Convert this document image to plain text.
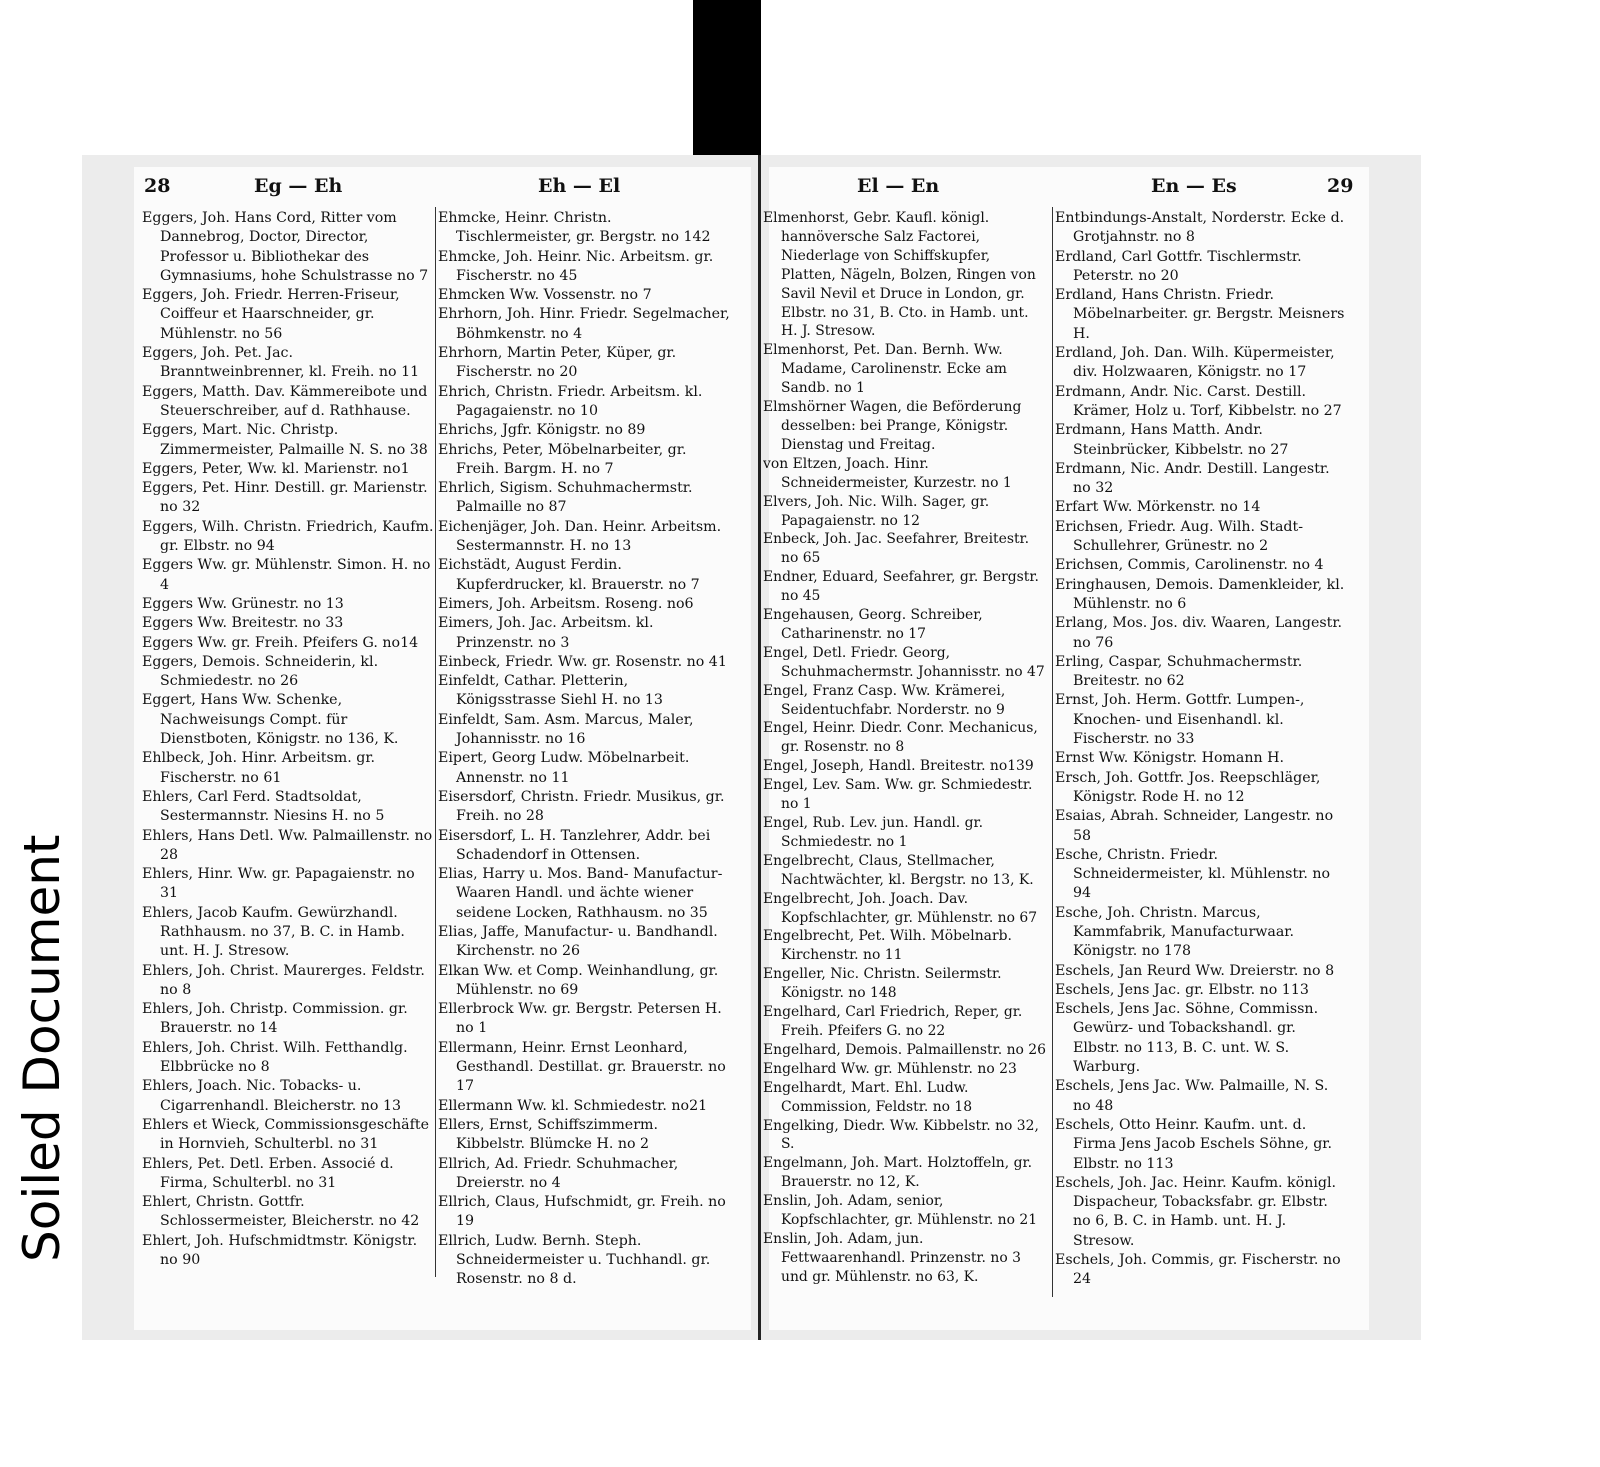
Soiled Document
28	Eg — Eh	Eh — El
Eggers, Joh. Hans Cord, Ritter vom Dannebrog, Doctor, Director, Professor u. Bibliothekar des Gymnasiums, hohe Schulstrasse no 7
Eggers, Joh. Friedr. Herren-Friseur, Coiffeur et Haarschneider, gr. Mühlenstr. no 56
Eggers, Joh. Pet. Jac. Branntweinbrenner, kl. Freih. no 11
Eggers, Matth. Dav. Kämmereibote und Steuerschreiber, auf d. Rathhause.
Eggers, Mart. Nic. Christp. Zimmermeister, Palmaille N. S. no 38
Eggers, Peter, Ww. kl. Marienstr. no1
Eggers, Pet. Hinr. Destill. gr. Marienstr. no 32
Eggers, Wilh. Christn. Friedrich, Kaufm. gr. Elbstr. no 94
Eggers Ww. gr. Mühlenstr. Simon. H. no 4
Eggers Ww. Grünestr. no 13
Eggers Ww. Breitestr. no 33
Eggers Ww. gr. Freih. Pfeifers G. no14
Eggers, Demois. Schneiderin, kl. Schmiedestr. no 26
Eggert, Hans Ww. Schenke, Nachweisungs Compt. für Dienstboten, Königstr. no 136, K.
Ehlbeck, Joh. Hinr. Arbeitsm. gr. Fischerstr. no 61
Ehlers, Carl Ferd. Stadtsoldat, Sestermannstr. Niesins H. no 5
Ehlers, Hans Detl. Ww. Palmaillenstr. no 28
Ehlers, Hinr. Ww. gr. Papagaienstr. no 31
Ehlers, Jacob Kaufm. Gewürzhandl. Rathhausm. no 37, B. C. in Hamb. unt. H. J. Stresow.
Ehlers, Joh. Christ. Maurerges. Feldstr. no 8
Ehlers, Joh. Christp. Commission. gr. Brauerstr. no 14
Ehlers, Joh. Christ. Wilh. Fetthandlg. Elbbrücke no 8
Ehlers, Joach. Nic. Tobacks- u. Cigarrenhandl. Bleicherstr. no 13
Ehlers et Wieck, Commissionsgeschäfte in Hornvieh, Schulterbl. no 31
Ehlers, Pet. Detl. Erben. Associé d. Firma, Schulterbl. no 31
Ehlert, Christn. Gottfr. Schlossermeister, Bleicherstr. no 42
Ehlert, Joh. Hufschmidtmstr. Königstr. no 90
Ehmcke, Heinr. Christn. Tischlermeister, gr. Bergstr. no 142
Ehmcke, Joh. Heinr. Nic. Arbeitsm. gr. Fischerstr. no 45
Ehmcken Ww. Vossenstr. no 7
Ehrhorn, Joh. Hinr. Friedr. Segelmacher, Böhmkenstr. no 4
Ehrhorn, Martin Peter, Küper, gr. Fischerstr. no 20
Ehrich, Christn. Friedr. Arbeitsm. kl. Pagagaienstr. no 10
Ehrichs, Jgfr. Königstr. no 89
Ehrichs, Peter, Möbelnarbeiter, gr. Freih. Bargm. H. no 7
Ehrlich, Sigism. Schuhmachermstr. Palmaille no 87
Eichenjäger, Joh. Dan. Heinr. Arbeitsm. Sestermannstr. H. no 13
Eichstädt, August Ferdin. Kupferdrucker, kl. Brauerstr. no 7
Eimers, Joh. Arbeitsm. Roseng. no6
Eimers, Joh. Jac. Arbeitsm. kl. Prinzenstr. no 3
Einbeck, Friedr. Ww. gr. Rosenstr. no 41
Einfeldt, Cathar. Pletterin, Königsstrasse Siehl H. no 13
Einfeldt, Sam. Asm. Marcus, Maler, Johannisstr. no 16
Eipert, Georg Ludw. Möbelnarbeit. Annenstr. no 11
Eisersdorf, Christn. Friedr. Musikus, gr. Freih. no 28
Eisersdorf, L. H. Tanzlehrer, Addr. bei Schadendorf in Ottensen.
Elias, Harry u. Mos. Band- Manufactur-Waaren Handl. und ächte wiener seidene Locken, Rathhausm. no 35
Elias, Jaffe, Manufactur- u. Bandhandl. Kirchenstr. no 26
Elkan Ww. et Comp. Weinhandlung, gr. Mühlenstr. no 69
Ellerbrock Ww. gr. Bergstr. Petersen H. no 1
Ellermann, Heinr. Ernst Leonhard, Gesthandl. Destillat. gr. Brauerstr. no 17
Ellermann Ww. kl. Schmiedestr. no21
Ellers, Ernst, Schiffszimmerm. Kibbelstr. Blümcke H. no 2
Ellrich, Ad. Friedr. Schuhmacher, Dreierstr. no 4
Ellrich, Claus, Hufschmidt, gr. Freih. no 19
Ellrich, Ludw. Bernh. Steph. Schneidermeister u. Tuchhandl. gr. Rosenstr. no 8 d.
El — En	En — Es	29
Elmenhorst, Gebr. Kaufl. königl. hannöversche Salz Factorei, Niederlage von Schiffskupfer, Platten, Nägeln, Bolzen, Ringen von Savil Nevil et Druce in London, gr. Elbstr. no 31, B. Cto. in Hamb. unt. H. J. Stresow.
Elmenhorst, Pet. Dan. Bernh. Ww. Madame, Carolinenstr. Ecke am Sandb. no 1
Elmshörner Wagen, die Beförderung desselben: bei Prange, Königstr. Dienstag und Freitag.
von Eltzen, Joach. Hinr. Schneidermeister, Kurzestr. no 1
Elvers, Joh. Nic. Wilh. Sager, gr. Papagaienstr. no 12
Enbeck, Joh. Jac. Seefahrer, Breitestr. no 65
Endner, Eduard, Seefahrer, gr. Bergstr. no 45
Engehausen, Georg. Schreiber, Catharinenstr. no 17
Engel, Detl. Friedr. Georg, Schuhmachermstr. Johannisstr. no 47
Engel, Franz Casp. Ww. Krämerei, Seidentuchfabr. Norderstr. no 9
Engel, Heinr. Diedr. Conr. Mechanicus, gr. Rosenstr. no 8
Engel, Joseph, Handl. Breitestr. no139
Engel, Lev. Sam. Ww. gr. Schmiedestr. no 1
Engel, Rub. Lev. jun. Handl. gr. Schmiedestr. no 1
Engelbrecht, Claus, Stellmacher, Nachtwächter, kl. Bergstr. no 13, K.
Engelbrecht, Joh. Joach. Dav. Kopfschlachter, gr. Mühlenstr. no 67
Engelbrecht, Pet. Wilh. Möbelnarb. Kirchenstr. no 11
Engeller, Nic. Christn. Seilermstr. Königstr. no 148
Engelhard, Carl Friedrich, Reper, gr. Freih. Pfeifers G. no 22
Engelhard, Demois. Palmaillenstr. no 26
Engelhard Ww. gr. Mühlenstr. no 23
Engelhardt, Mart. Ehl. Ludw. Commission, Feldstr. no 18
Engelking, Diedr. Ww. Kibbelstr. no 32, S.
Engelmann, Joh. Mart. Holztoffeln, gr. Brauerstr. no 12, K.
Enslin, Joh. Adam, senior, Kopfschlachter, gr. Mühlenstr. no 21
Enslin, Joh. Adam, jun. Fettwaarenhandl. Prinzenstr. no 3 und gr. Mühlenstr. no 63, K.
Entbindungs-Anstalt, Norderstr. Ecke d. Grotjahnstr. no 8
Erdland, Carl Gottfr. Tischlermstr. Peterstr. no 20
Erdland, Hans Christn. Friedr. Möbelnarbeiter. gr. Bergstr. Meisners H.
Erdland, Joh. Dan. Wilh. Küpermeister, div. Holzwaaren, Königstr. no 17
Erdmann, Andr. Nic. Carst. Destill. Krämer, Holz u. Torf, Kibbelstr. no 27
Erdmann, Hans Matth. Andr. Steinbrücker, Kibbelstr. no 27
Erdmann, Nic. Andr. Destill. Langestr. no 32
Erfart Ww. Mörkenstr. no 14
Erichsen, Friedr. Aug. Wilh. Stadt-Schullehrer, Grünestr. no 2
Erichsen, Commis, Carolinenstr. no 4
Eringhausen, Demois. Damenkleider, kl. Mühlenstr. no 6
Erlang, Mos. Jos. div. Waaren, Langestr. no 76
Erling, Caspar, Schuhmachermstr. Breitestr. no 62
Ernst, Joh. Herm. Gottfr. Lumpen-, Knochen- und Eisenhandl. kl. Fischerstr. no 33
Ernst Ww. Königstr. Homann H.
Ersch, Joh. Gottfr. Jos. Reepschläger, Königstr. Rode H. no 12
Esaias, Abrah. Schneider, Langestr. no 58
Esche, Christn. Friedr. Schneidermeister, kl. Mühlenstr. no 94
Esche, Joh. Christn. Marcus, Kammfabrik, Manufacturwaar. Königstr. no 178
Eschels, Jan Reurd Ww. Dreierstr. no 8
Eschels, Jens Jac. gr. Elbstr. no 113
Eschels, Jens Jac. Söhne, Commissn. Gewürz- und Tobackshandl. gr. Elbstr. no 113, B. C. unt. W. S. Warburg.
Eschels, Jens Jac. Ww. Palmaille, N. S. no 48
Eschels, Otto Heinr. Kaufm. unt. d. Firma Jens Jacob Eschels Söhne, gr. Elbstr. no 113
Eschels, Joh. Jac. Heinr. Kaufm. königl. Dispacheur, Tobacksfabr. gr. Elbstr. no 6, B. C. in Hamb. unt. H. J. Stresow.
Eschels, Joh. Commis, gr. Fischerstr. no 24
